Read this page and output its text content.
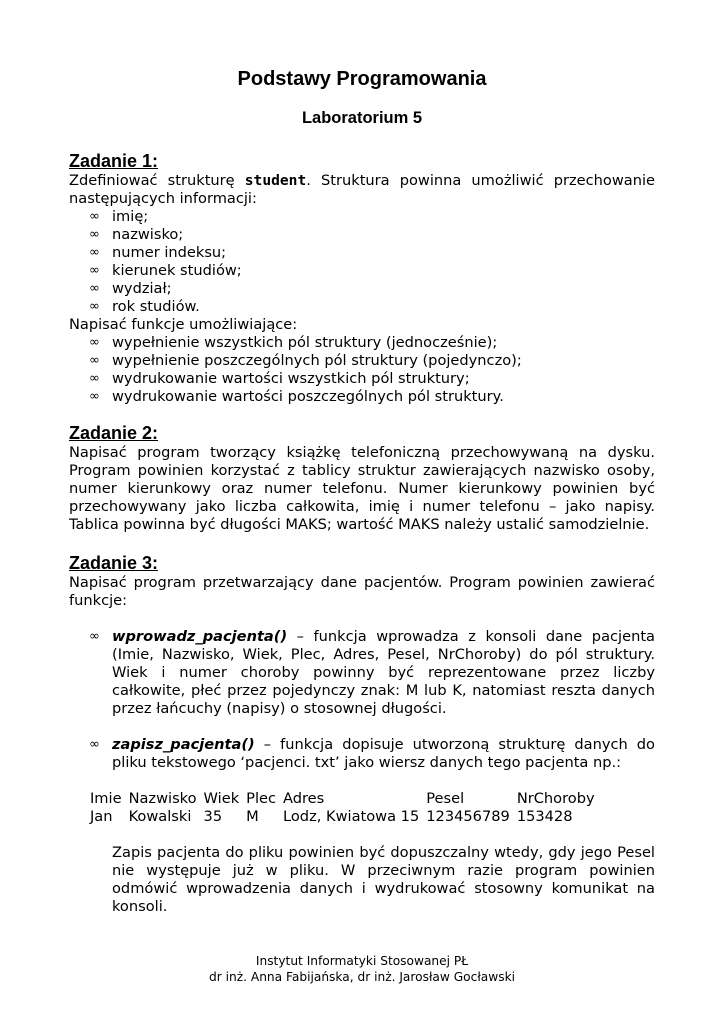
Podstawy Programowania
Laboratorium 5
Zadanie 1:
Zdefiniować strukturę student. Struktura powinna umożliwić przechowanie następujących informacji:
∞ imię;
∞ nazwisko;
∞ numer indeksu;
∞ kierunek studiów;
∞ wydział;
∞ rok studiów.
Napisać funkcje umożliwiające:
∞ wypełnienie wszystkich pól struktury (jednocześnie);
∞ wypełnienie poszczególnych pól struktury (pojedynczo);
∞ wydrukowanie wartości wszystkich pól struktury;
∞ wydrukowanie wartości poszczególnych pól struktury.
Zadanie 2:
Napisać program tworzący książkę telefoniczną przechowywaną na dysku. Program powinien korzystać z tablicy struktur zawierających nazwisko osoby, numer kierunkowy oraz numer telefonu. Numer kierunkowy powinien być przechowywany jako liczba całkowita, imię i numer telefonu – jako napisy. Tablica powinna być długości MAKS; wartość MAKS należy ustalić samodzielnie.
Zadanie 3:
Napisać program przetwarzający dane pacjentów. Program powinien zawierać funkcje:
∞ wprowadz_pacjenta() – funkcja wprowadza z konsoli dane pacjenta (Imie, Nazwisko, Wiek, Plec, Adres, Pesel, NrChoroby) do pól struktury. Wiek i numer choroby powinny być reprezentowane przez liczby całkowite, płeć przez pojedynczy znak: M lub K, natomiast reszta danych przez łańcuchy (napisy) o stosownej długości.
∞ zapisz_pacjenta() – funkcja dopisuje utworzoną strukturę danych do pliku tekstowego ‘pacjenci. txt’ jako wiersz danych tego pacjenta np.:
Imie	Nazwisko	Wiek	Plec	Adres	Pesel	NrChoroby
Jan	Kowalski	35	M	Lodz, Kwiatowa 15	123456789	153428
Zapis pacjenta do pliku powinien być dopuszczalny wtedy, gdy jego Pesel nie występuje już w pliku. W przeciwnym razie program powinien odmówić wprowadzenia danych i wydrukować stosowny komunikat na konsoli.
Instytut Informatyki Stosowanej PŁ
dr inż. Anna Fabijańska, dr inż. Jarosław Gocławski
